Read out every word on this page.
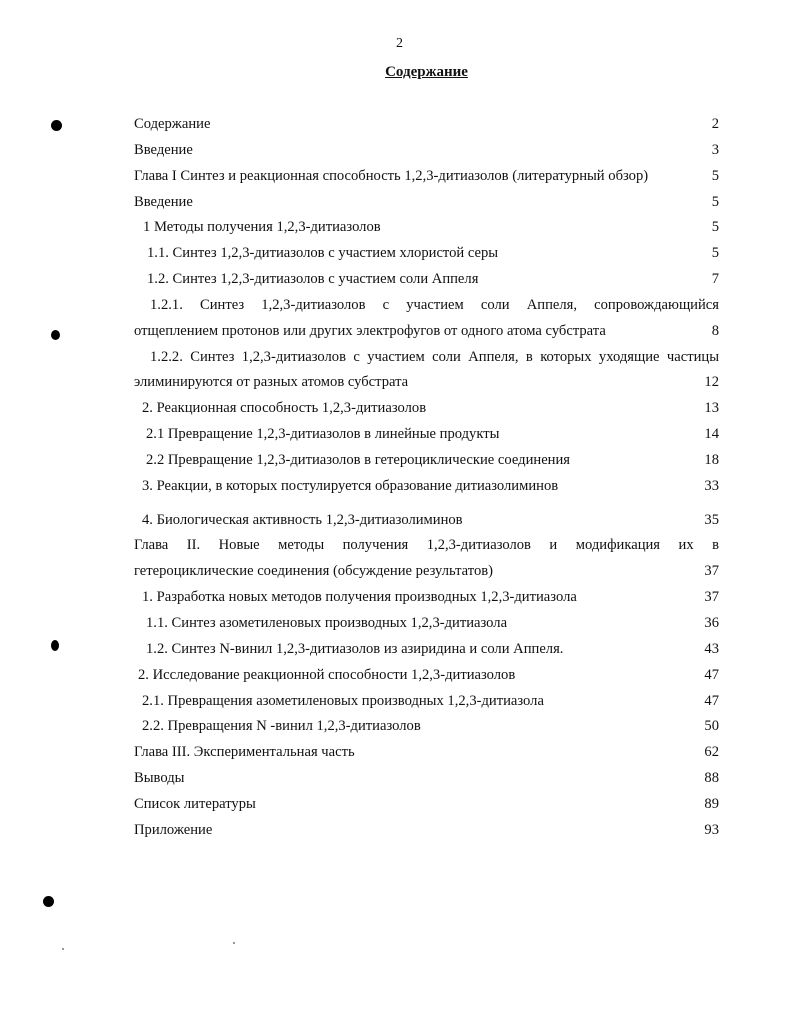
2
Содержание
Содержание	2
Введение	3
Глава I Синтез и реакционная способность 1,2,3-дитиазолов (литературный обзор)	5
Введение	5
1 Методы получения 1,2,3-дитиазолов	5
1.1. Синтез 1,2,3-дитиазолов с участием хлористой серы	5
1.2. Синтез 1,2,3-дитиазолов с участием соли Аппеля	7
1.2.1. Синтез 1,2,3-дитиазолов с участием соли Аппеля, сопровождающийся
отщеплением протонов или других электрофугов от одного атома субстрата	8
1.2.2. Синтез 1,2,3-дитиазолов с участием соли Аппеля, в которых уходящие частицы
элиминируются от разных атомов субстрата	12
2. Реакционная способность 1,2,3-дитиазолов	13
2.1 Превращение 1,2,3-дитиазолов в линейные продукты	14
2.2 Превращение 1,2,3-дитиазолов в гетероциклические соединения	18
3. Реакции, в которых постулируется образование дитиазолиминов	33
4. Биологическая активность 1,2,3-дитиазолиминов	35
Глава II. Новые методы получения 1,2,3-дитиазолов и модификация их в
гетероциклические соединения (обсуждение результатов)	37
1. Разработка новых методов получения производных 1,2,3-дитиазола	37
1.1. Синтез азометиленовых производных 1,2,3-дитиазола	36
1.2. Синтез N-винил 1,2,3-дитиазолов из азиридина и соли Аппеля.	43
2. Исследование реакционной способности 1,2,3-дитиазолов	47
2.1. Превращения азометиленовых производных 1,2,3-дитиазола	47
2.2. Превращения N -винил 1,2,3-дитиазолов	50
Глава III. Экспериментальная часть	62
Выводы	88
Список литературы	89
Приложение	93
